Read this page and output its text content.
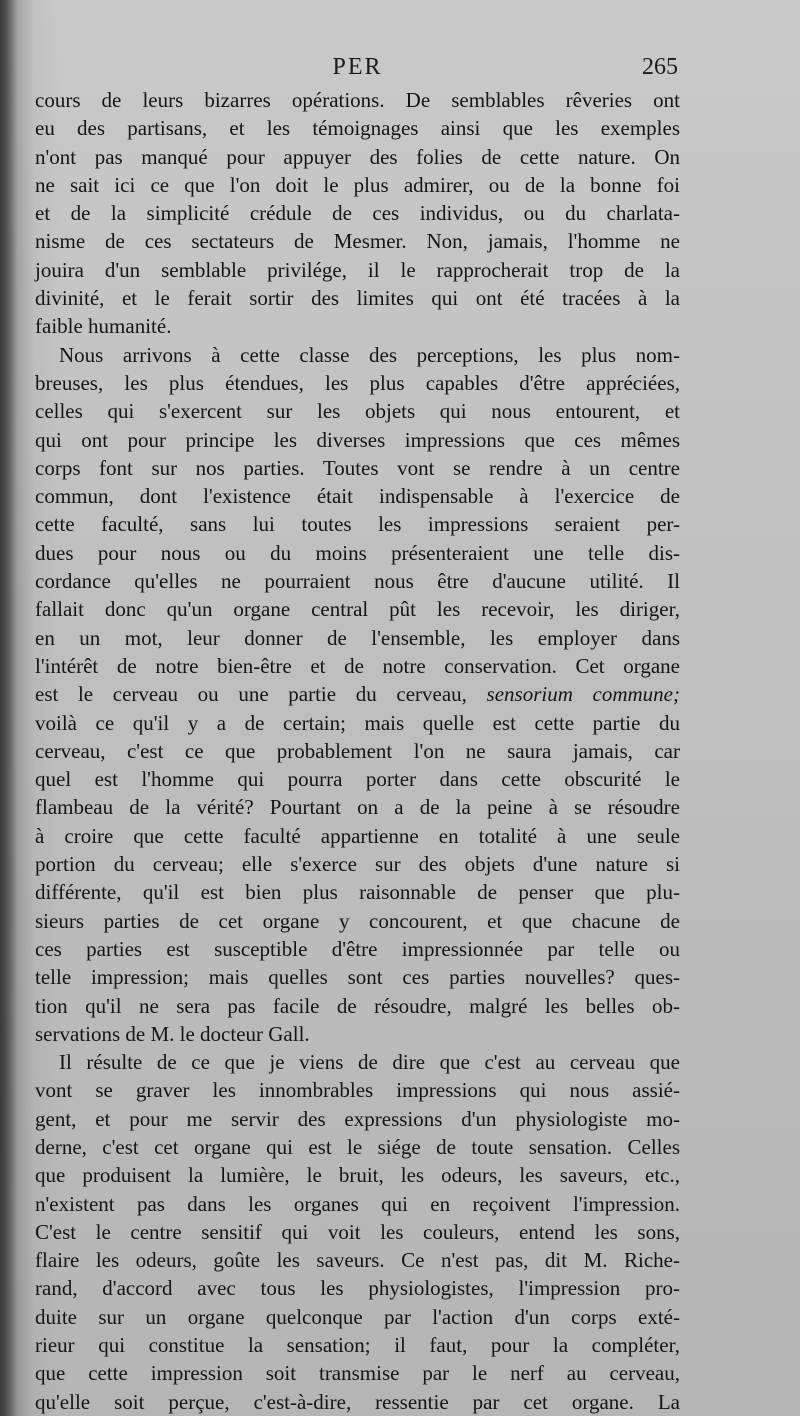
PER	265
cours de leurs bizarres opérations. De semblables rêveries ont
eu des partisans, et les témoignages ainsi que les exemples
n'ont pas manqué pour appuyer des folies de cette nature. On
ne sait ici ce que l'on doit le plus admirer, ou de la bonne foi
et de la simplicité crédule de ces individus, ou du charlata-
nisme de ces sectateurs de Mesmer. Non, jamais, l'homme ne
jouira d'un semblable privilége, il le rapprocherait trop de la
divinité, et le ferait sortir des limites qui ont été tracées à la
faible humanité.
Nous arrivons à cette classe des perceptions, les plus nom-
breuses, les plus étendues, les plus capables d'être appréciées,
celles qui s'exercent sur les objets qui nous entourent, et
qui ont pour principe les diverses impressions que ces mêmes
corps font sur nos parties. Toutes vont se rendre à un centre
commun, dont l'existence était indispensable à l'exercice de
cette faculté, sans lui toutes les impressions seraient per-
dues pour nous ou du moins présenteraient une telle dis-
cordance qu'elles ne pourraient nous être d'aucune utilité. Il
fallait donc qu'un organe central pût les recevoir, les diriger,
en un mot, leur donner de l'ensemble, les employer dans
l'intérêt de notre bien-être et de notre conservation. Cet organe
est le cerveau ou une partie du cerveau, sensorium commune;
voilà ce qu'il y a de certain; mais quelle est cette partie du
cerveau, c'est ce que probablement l'on ne saura jamais, car
quel est l'homme qui pourra porter dans cette obscurité le
flambeau de la vérité? Pourtant on a de la peine à se résoudre
à croire que cette faculté appartienne en totalité à une seule
portion du cerveau; elle s'exerce sur des objets d'une nature si
différente, qu'il est bien plus raisonnable de penser que plu-
sieurs parties de cet organe y concourent, et que chacune de
ces parties est susceptible d'être impressionnée par telle ou
telle impression; mais quelles sont ces parties nouvelles? ques-
tion qu'il ne sera pas facile de résoudre, malgré les belles ob-
servations de M. le docteur Gall.
Il résulte de ce que je viens de dire que c'est au cerveau que
vont se graver les innombrables impressions qui nous assié-
gent, et pour me servir des expressions d'un physiologiste mo-
derne, c'est cet organe qui est le siége de toute sensation. Celles
que produisent la lumière, le bruit, les odeurs, les saveurs, etc.,
n'existent pas dans les organes qui en reçoivent l'impression.
C'est le centre sensitif qui voit les couleurs, entend les sons,
flaire les odeurs, goûte les saveurs. Ce n'est pas, dit M. Riche-
rand, d'accord avec tous les physiologistes, l'impression pro-
duite sur un organe quelconque par l'action d'un corps exté-
rieur qui constitue la sensation; il faut, pour la compléter,
que cette impression soit transmise par le nerf au cerveau,
qu'elle soit perçue, c'est-à-dire, ressentie par cet organe. La
